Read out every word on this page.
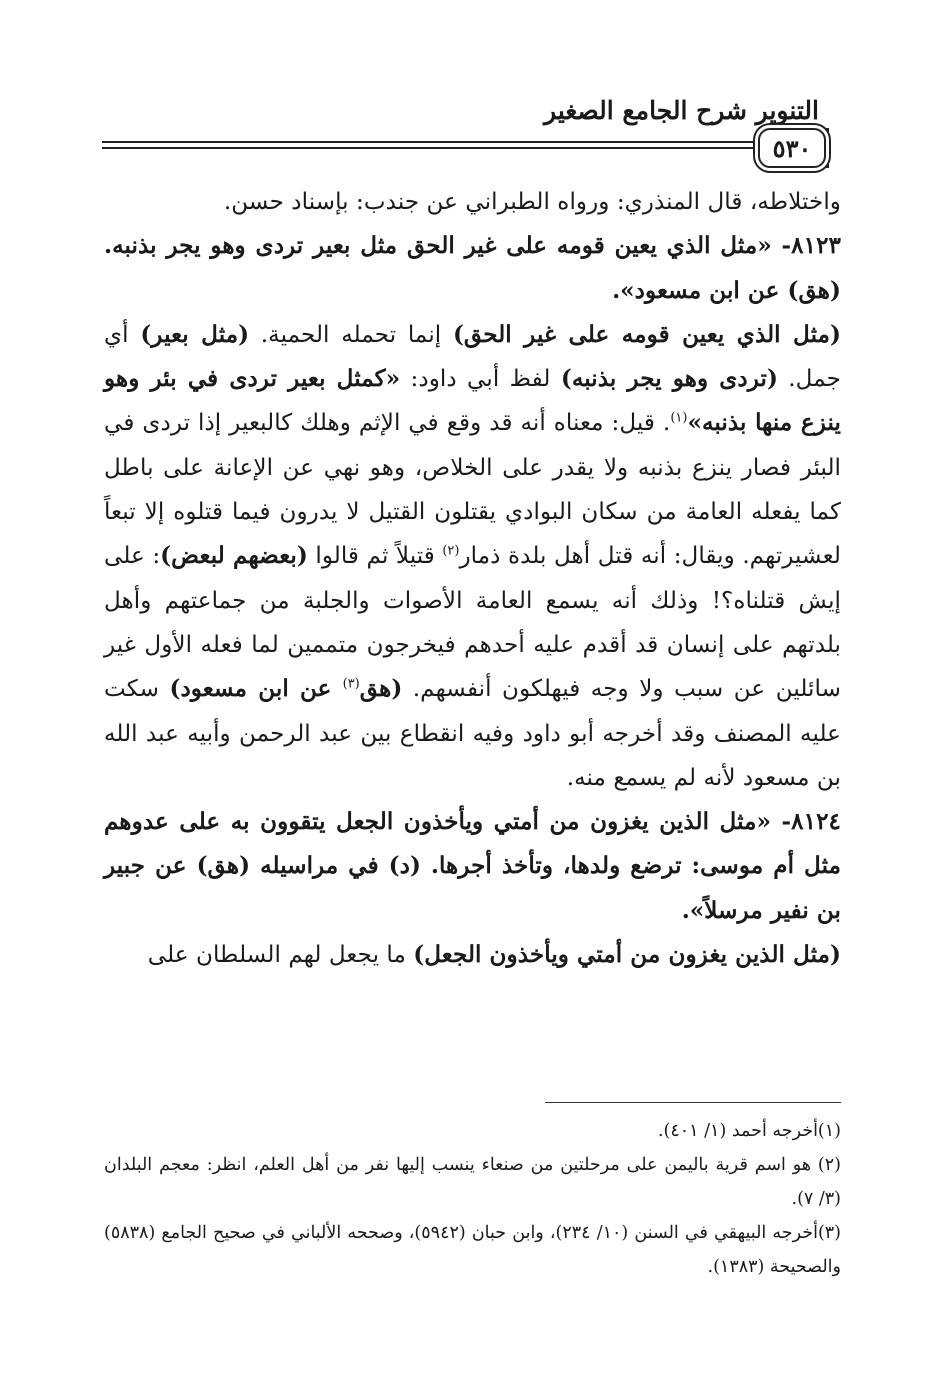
التنوير شرح الجامع الصغير
٥٣٠

واختلاطه، قال المنذري: ورواه الطبراني عن جندب: بإسناد حسن.

٨١٢٣- «مثل الذي يعين قومه على غير الحق مثل بعير تردى وهو يجر بذنبه. (هق) عن ابن مسعود».

(مثل الذي يعين قومه على غير الحق) إنما تحمله الحمية. (مثل بعير) أي جمل. (تردى وهو يجر بذنبه) لفظ أبي داود: «كمثل بعير تردى في بئر وهو ينزع منها بذنبه»$^{(١)}$. قيل: معناه أنه قد وقع في الإثم وهلك كالبعير إذا تردى في البئر فصار ينزع بذنبه ولا يقدر على الخلاص، وهو نهي عن الإعانة على باطل كما يفعله العامة من سكان البوادي يقتلون القتيل لا يدرون فيما قتلوه إلا تبعاً لعشيرتهم. ويقال: أنه قتل أهل بلدة ذمار$^{(٢)}$ قتيلاً ثم قالوا (بعضهم لبعض): على إيش قتلناه؟! وذلك أنه يسمع العامة الأصوات والجلبة من جماعتهم وأهل بلدتهم على إنسان قد أقدم عليه أحدهم فيخرجون متممين لما فعله الأول غير سائلين عن سبب ولا وجه فيهلكون أنفسهم. (هق$^{(٣)}$ عن ابن مسعود) سكت عليه المصنف وقد أخرجه أبو داود وفيه انقطاع بين عبد الرحمن وأبيه عبد الله بن مسعود لأنه لم يسمع منه.

٨١٢٤- «مثل الذين يغزون من أمتي ويأخذون الجعل يتقوون به على عدوهم مثل أم موسى: ترضع ولدها، وتأخذ أجرها. (د) في مراسيله (هق) عن جبير بن نفير مرسلاً».

(مثل الذين يغزون من أمتي ويأخذون الجعل) ما يجعل لهم السلطان على

(١)أخرجه أحمد (١/ ٤٠١).

(٢) هو اسم قرية باليمن على مرحلتين من صنعاء ينسب إليها نفر من أهل العلم، انظر: معجم البلدان (٣/ ٧).

(٣)أخرجه البيهقي في السنن (١٠/ ٢٣٤)، وابن حبان (٥٩٤٢)، وصححه الألباني في صحيح الجامع (٥٨٣٨) والصحيحة (١٣٨٣).
